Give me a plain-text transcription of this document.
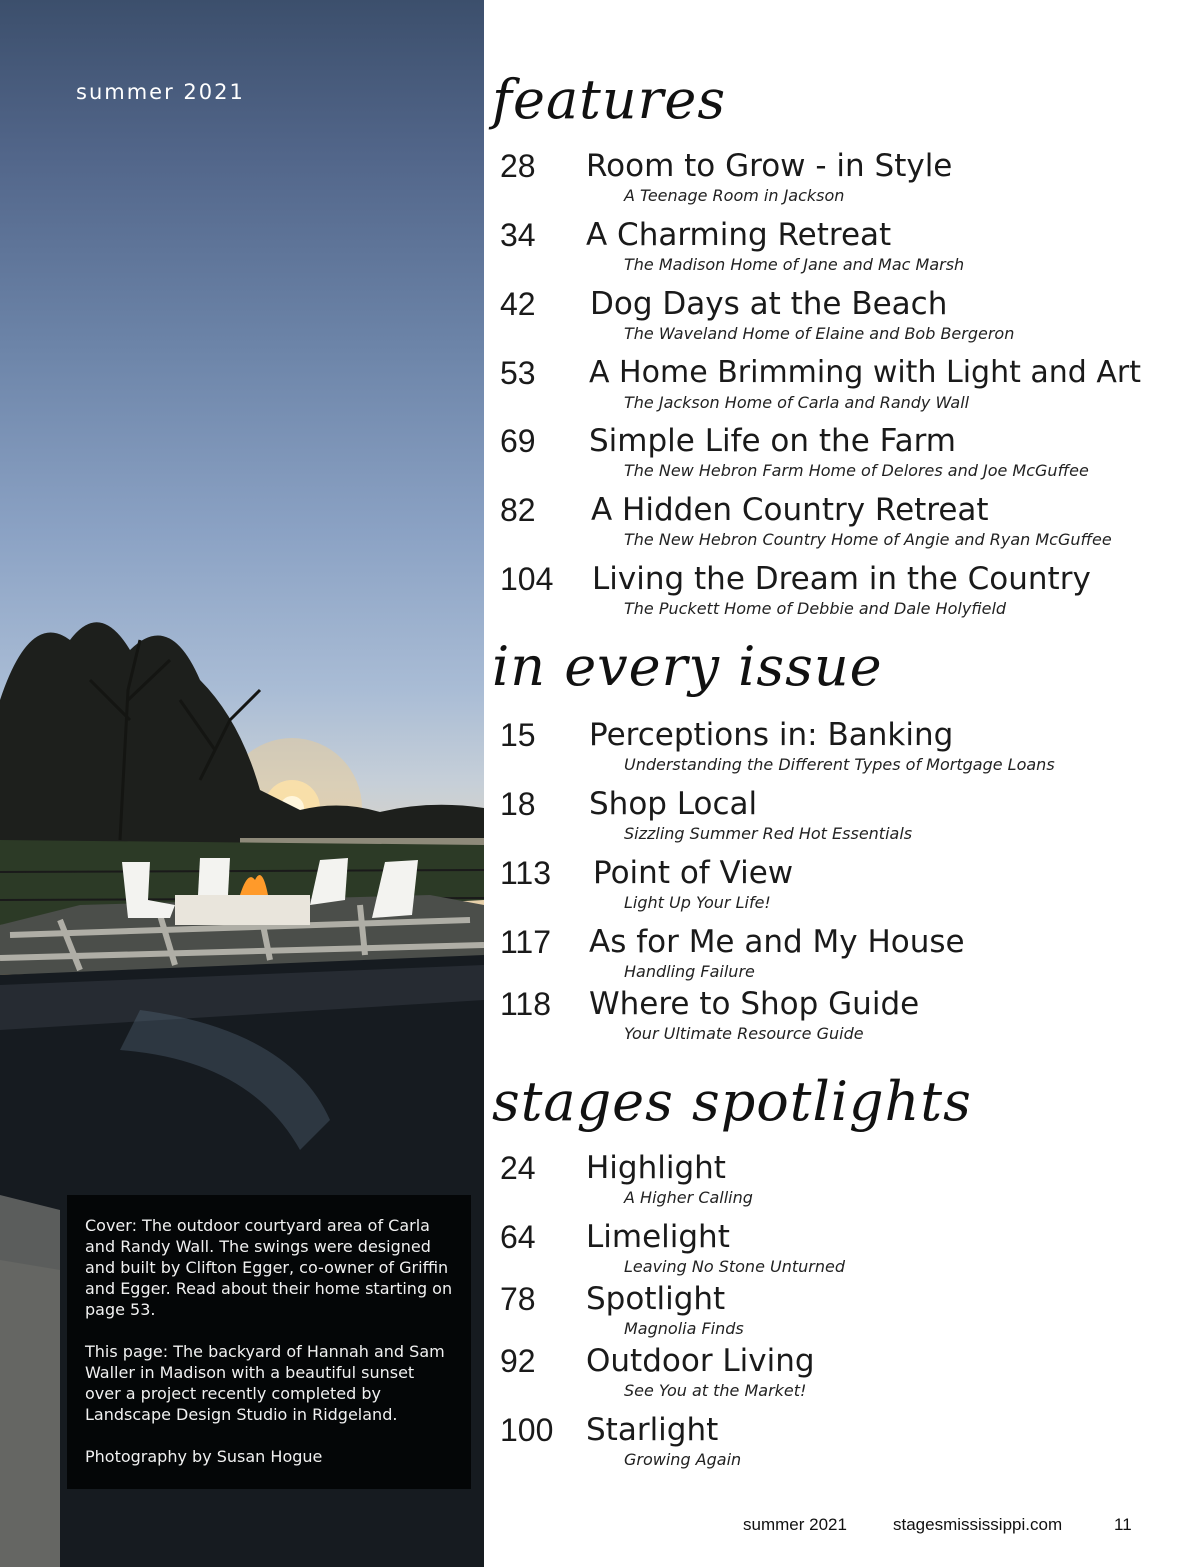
summer 2021

Cover: The outdoor courtyard area of Carla and Randy Wall. The swings were designed and built by Clifton Egger, co-owner of Griffin and Egger. Read about their home starting on page 53.

This page: The backyard of Hannah and Sam Waller in Madison with a beautiful sunset over a project recently completed by Landscape Design Studio in Ridgeland.

Photography by Susan Hogue

features
28 Room to Grow - in Style
A Teenage Room in Jackson
34 A Charming Retreat
The Madison Home of Jane and Mac Marsh
42 Dog Days at the Beach
The Waveland Home of Elaine and Bob Bergeron
53 A Home Brimming with Light and Art
The Jackson Home of Carla and Randy Wall
69 Simple Life on the Farm
The New Hebron Farm Home of Delores and Joe McGuffee
82 A Hidden Country Retreat
The New Hebron Country Home of Angie and Ryan McGuffee
104 Living the Dream in the Country
The Puckett Home of Debbie and Dale Holyfield
in every issue
15 Perceptions in: Banking
Understanding the Different Types of Mortgage Loans
18 Shop Local
Sizzling Summer Red Hot Essentials
113 Point of View
Light Up Your Life!
117 As for Me and My House
Handling Failure
118 Where to Shop Guide
Your Ultimate Resource Guide
stages spotlights
24 Highlight
A Higher Calling
64 Limelight
Leaving No Stone Unturned
78 Spotlight
Magnolia Finds
92 Outdoor Living
See You at the Market!
100 Starlight
Growing Again
summer 2021	stagesmississippi.com	11
